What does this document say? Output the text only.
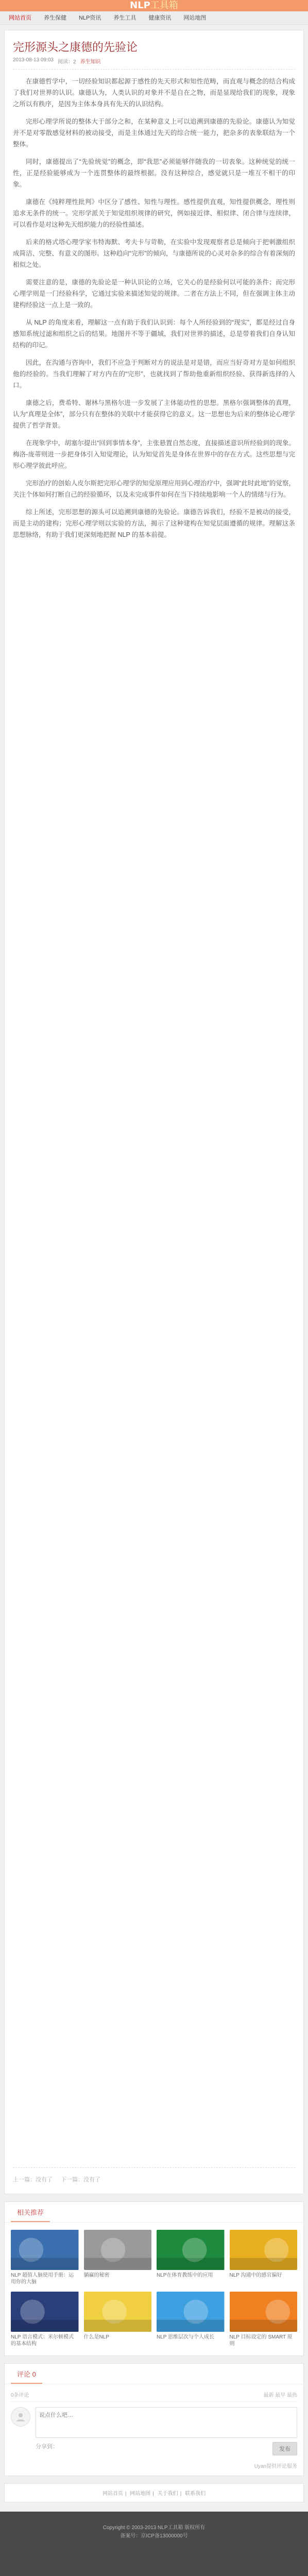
NLP工具箱
网站首页	养生保健	NLP资讯	养生工具	健康资讯	网站地图
完形源头之康德的先验论
2013-08-13 09:03 阅读：2 养生知识

在康德哲学中，一切经验知识都起源于感性的先天形式和知性范畴，而直观与概念的结合构成了我们对世界的认识。康德认为，人类认识的对象并不是自在之物，而是显现给我们的现象，现象之所以有秩序，是因为主体本身具有先天的认识结构。

完形心理学所说的整体大于部分之和，在某种意义上可以追溯到康德的先验论。康德认为知觉并不是对零散感觉材料的被动接受，而是主体通过先天的综合统一能力，把杂多的表象联结为一个整体。

同时，康德提出了“先验统觉”的概念，即“我思”必须能够伴随我的一切表象。这种统觉的统一性，正是经验能够成为一个连贯整体的最终根据。没有这种综合，感觉就只是一堆互不相干的印象。

康德在《纯粹理性批判》中区分了感性、知性与理性。感性提供直观，知性提供概念，理性则追求无条件的统一。完形学派关于知觉组织规律的研究，例如接近律、相似律、闭合律与连续律，可以看作是对这种先天组织能力的经验性描述。

后来的格式塔心理学家韦特海默、考夫卡与苛勒，在实验中发现观察者总是倾向于把刺激组织成简洁、完整、有意义的图形。这种趋向“完形”的倾向，与康德所说的心灵对杂多的综合有着深刻的相似之处。

需要注意的是，康德的先验论是一种认识论的立场，它关心的是经验何以可能的条件；而完形心理学则是一门经验科学，它通过实验来描述知觉的规律。二者在方法上不同，但在强调主体主动建构经验这一点上是一致的。

从 NLP 的角度来看，理解这一点有助于我们认识到：每个人所经验到的“现实”，都是经过自身感知系统过滤和组织之后的结果。地图并不等于疆域，我们对世界的描述，总是带着我们自身认知结构的印记。

因此，在沟通与咨询中，我们不应急于判断对方的说法是对是错，而应当好奇对方是如何组织他的经验的。当我们理解了对方内在的“完形”，也就找到了帮助他重新组织经验、获得新选择的入口。

康德之后，费希特、谢林与黑格尔进一步发展了主体能动性的思想。黑格尔强调整体的真理，认为“真理是全体”，部分只有在整体的关联中才能获得它的意义。这一思想也为后来的整体论心理学提供了哲学背景。

在现象学中，胡塞尔提出“回到事情本身”，主张悬置自然态度，直接描述意识所经验到的现象。梅洛-庞蒂则进一步把身体引入知觉理论，认为知觉首先是身体在世界中的存在方式。这些思想与完形心理学彼此呼应。

完形治疗的创始人皮尔斯把完形心理学的知觉原理应用到心理治疗中，强调“此时此地”的觉察，关注个体如何打断自己的经验循环，以及未完成事件如何在当下持续地影响一个人的情绪与行为。

综上所述，完形思想的源头可以追溯到康德的先验论。康德告诉我们，经验不是被动的接受，而是主动的建构；完形心理学则以实验的方法，揭示了这种建构在知觉层面遵循的规律。理解这条思想脉络，有助于我们更深刻地把握 NLP 的基本前提。

上一篇：没有了 下一篇：没有了
相关推荐
NLP 超值人脑使用手册：运用你的大脑
躺赢的秘密	NLP在体育教练中的应用	NLP 沟通中的感官偏好
NLP 语言模式：米尔顿模式的基本结构
什么是NLP	NLP 思维层次与个人成长	NLP 目标设定的 SMART 原则
评论 0
0条评论	最新 最早 最热
说点什么吧…
分享到：	发布
Uyan提供评论服务
网站首页 | 网站地图 | 关于我们 | 联系我们
Copyright © 2003-2013 NLP工具箱 版权所有
备案号：京ICP备13000000号
